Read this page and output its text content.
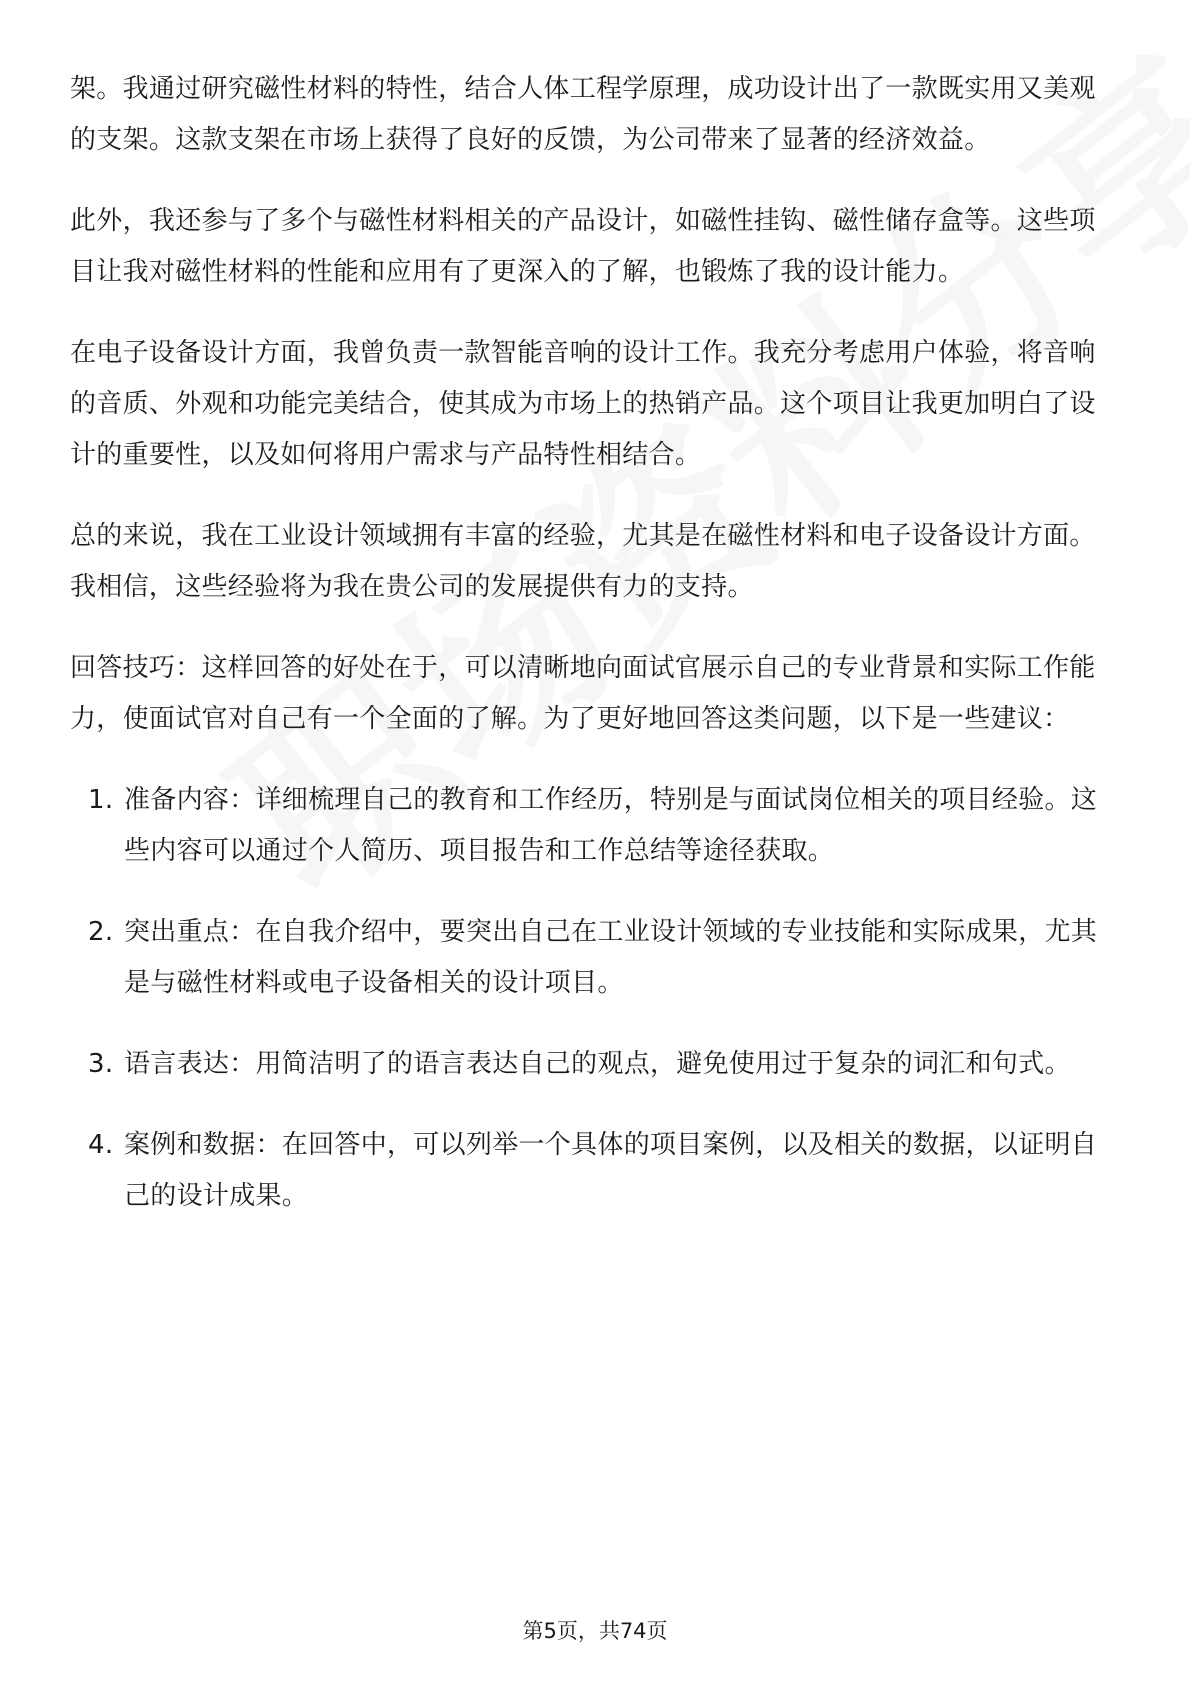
架。我通过研究磁性材料的特性，结合人体工程学原理，成功设计出了一款既实用又美观的支架。这款支架在市场上获得了良好的反馈，为公司带来了显著的经济效益。

此外，我还参与了多个与磁性材料相关的产品设计，如磁性挂钩、磁性储存盒等。这些项目让我对磁性材料的性能和应用有了更深入的了解，也锻炼了我的设计能力。

在电子设备设计方面，我曾负责一款智能音响的设计工作。我充分考虑用户体验，将音响的音质、外观和功能完美结合，使其成为市场上的热销产品。这个项目让我更加明白了设计的重要性，以及如何将用户需求与产品特性相结合。

总的来说，我在工业设计领域拥有丰富的经验，尤其是在磁性材料和电子设备设计方面。我相信，这些经验将为我在贵公司的发展提供有力的支持。

回答技巧：这样回答的好处在于，可以清晰地向面试官展示自己的专业背景和实际工作能力，使面试官对自己有一个全面的了解。为了更好地回答这类问题，以下是一些建议：

1. 准备内容：详细梳理自己的教育和工作经历，特别是与面试岗位相关的项目经验。这些内容可以通过个人简历、项目报告和工作总结等途径获取。
2. 突出重点：在自我介绍中，要突出自己在工业设计领域的专业技能和实际成果，尤其是与磁性材料或电子设备相关的设计项目。
3. 语言表达：用简洁明了的语言表达自己的观点，避免使用过于复杂的词汇和句式。
4. 案例和数据：在回答中，可以列举一个具体的项目案例，以及相关的数据，以证明自己的设计成果。
第5页，共74页
